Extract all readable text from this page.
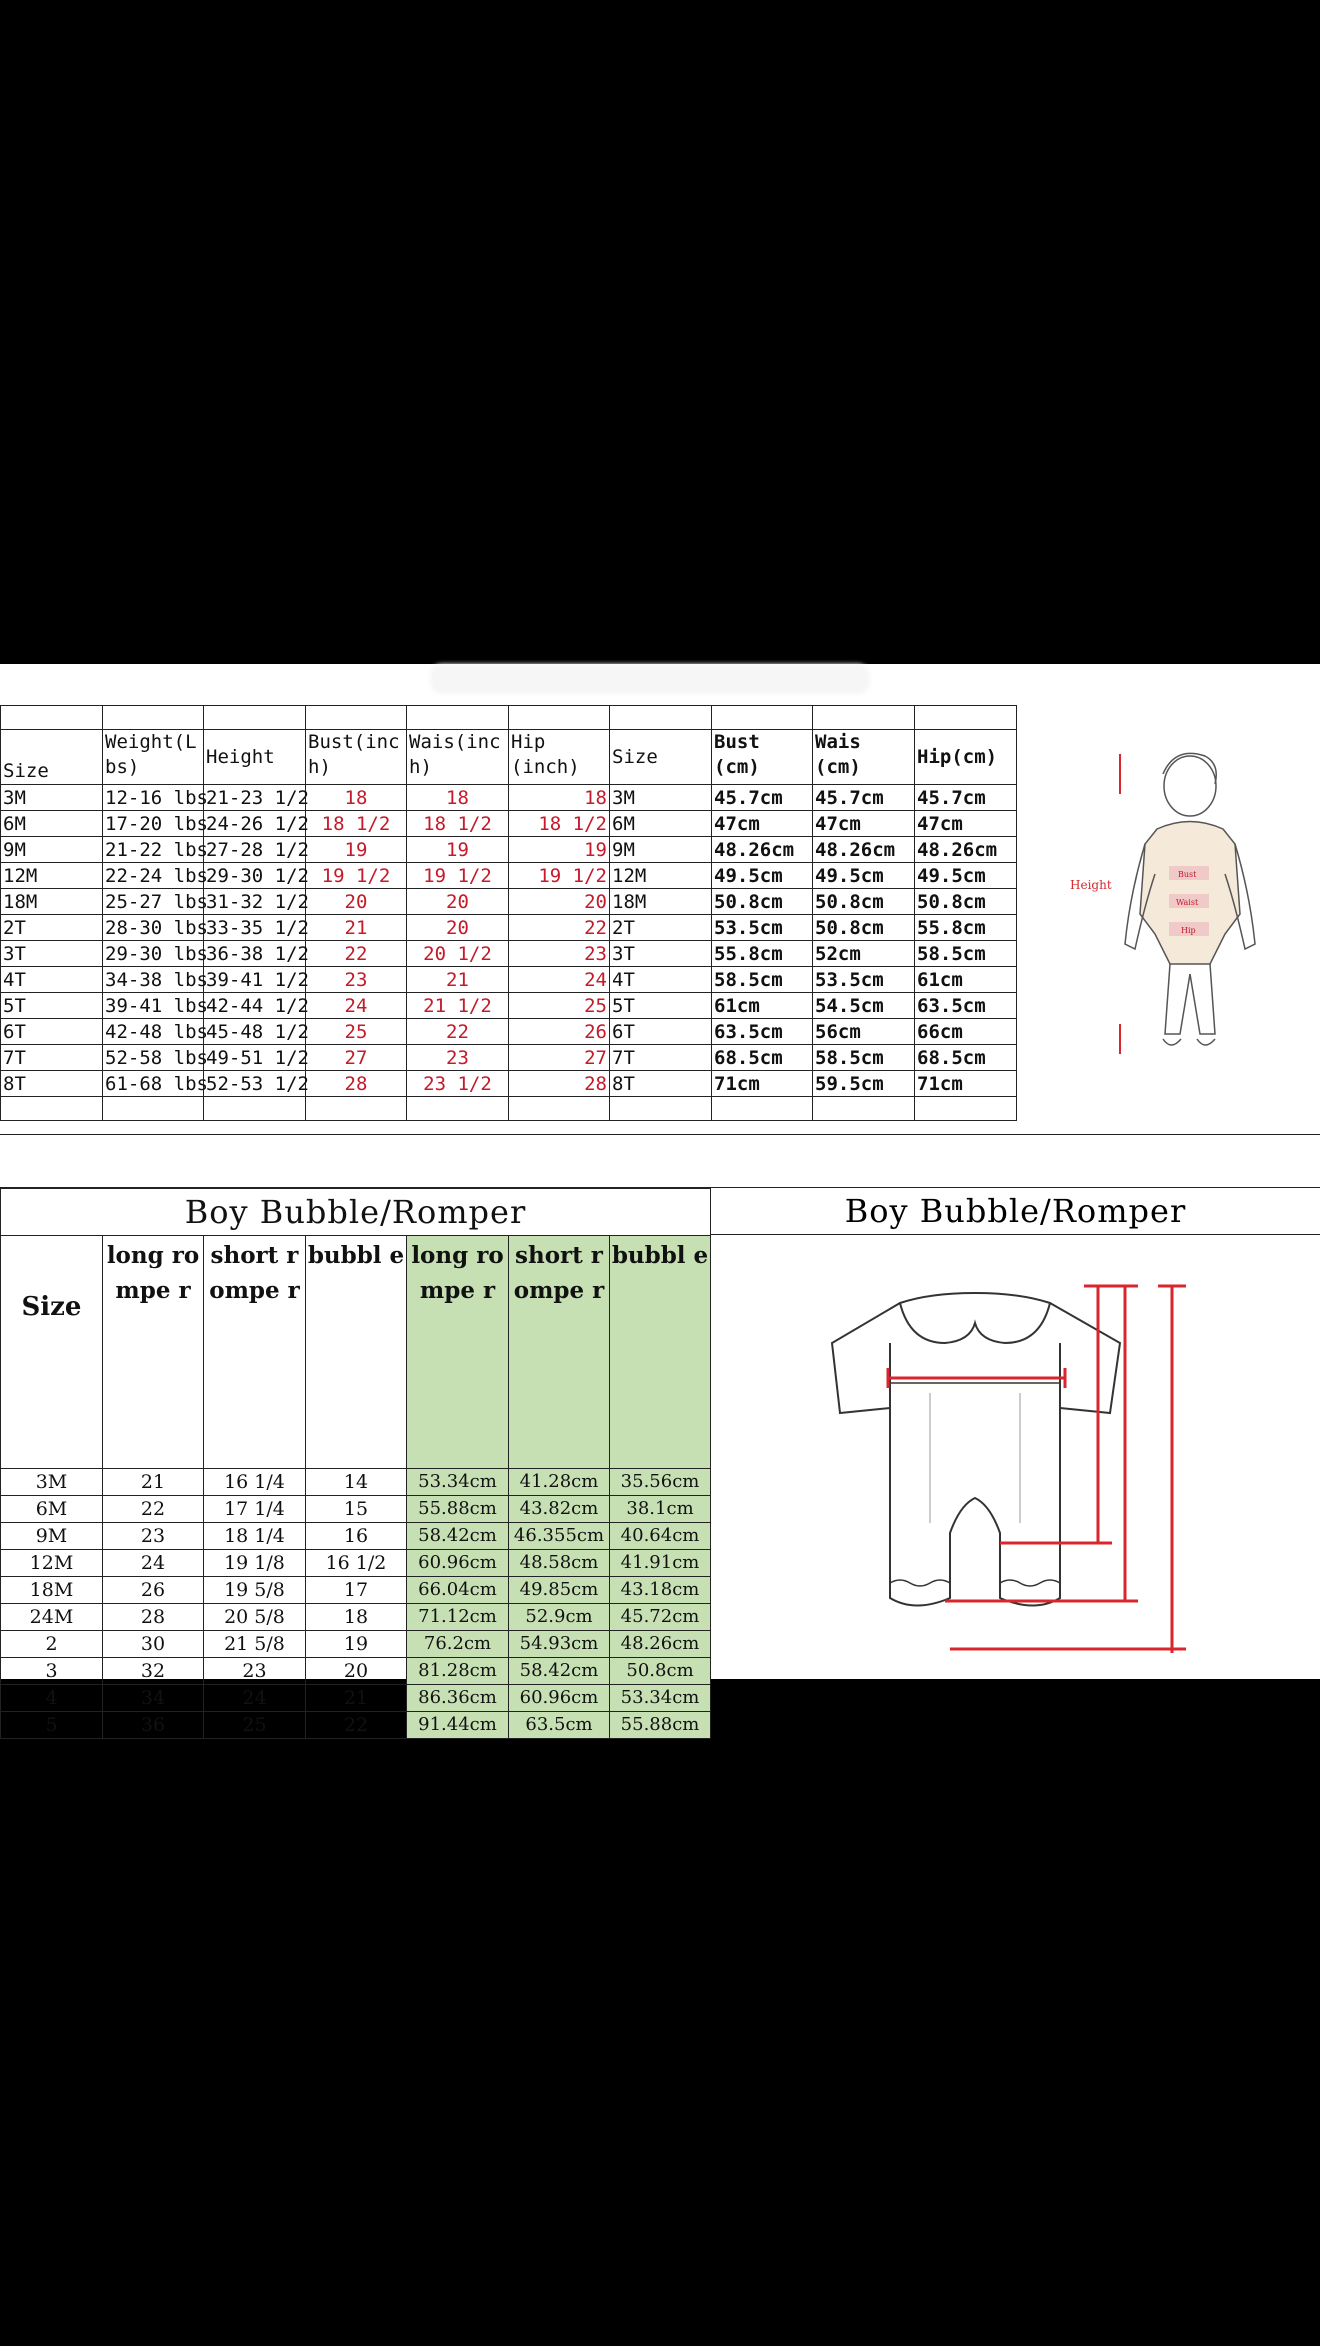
Size	Weight(Lbs)	Height	Bust(inch)	Wais(inch)	Hip (inch)	Size	Bust (cm)	Wais (cm)	Hip(cm)
3M	12-16 lbs	21-23 1/2	18	18	18	3M	45.7cm	45.7cm	45.7cm
6M	17-20 lbs	24-26 1/2	18 1/2	18 1/2	18 1/2	6M	47cm	47cm	47cm
9M	21-22 lbs	27-28 1/2	19	19	19	9M	48.26cm	48.26cm	48.26cm
12M	22-24 lbs	29-30 1/2	19 1/2	19 1/2	19 1/2	12M	49.5cm	49.5cm	49.5cm
18M	25-27 lbs	31-32 1/2	20	20	20	18M	50.8cm	50.8cm	50.8cm
2T	28-30 lbs	33-35 1/2	21	20	22	2T	53.5cm	50.8cm	55.8cm
3T	29-30 lbs	36-38 1/2	22	20 1/2	23	3T	55.8cm	52cm	58.5cm
4T	34-38 lbs	39-41 1/2	23	21	24	4T	58.5cm	53.5cm	61cm
5T	39-41 lbs	42-44 1/2	24	21 1/2	25	5T	61cm	54.5cm	63.5cm
6T	42-48 lbs	45-48 1/2	25	22	26	6T	63.5cm	56cm	66cm
7T	52-58 lbs	49-51 1/2	27	23	27	7T	68.5cm	58.5cm	68.5cm
8T	61-68 lbs	52-53 1/2	28	23 1/2	28	8T	71cm	59.5cm	71cm

Height
Bust
Waist
Hip
Boy Bubble/Romper						
Size	long rompe r	short rompe r	bubbl e	long rompe r	short rompe r	bubbl e
3M	21	16 1/4	14	53.34cm	41.28cm	35.56cm
6M	22	17 1/4	15	55.88cm	43.82cm	38.1cm
9M	23	18 1/4	16	58.42cm	46.355cm	40.64cm
12M	24	19 1/8	16 1/2	60.96cm	48.58cm	41.91cm
18M	26	19 5/8	17	66.04cm	49.85cm	43.18cm
24M	28	20 5/8	18	71.12cm	52.9cm	45.72cm
2	30	21 5/8	19	76.2cm	54.93cm	48.26cm
3	32	23	20	81.28cm	58.42cm	50.8cm
4	34	24	21	86.36cm	60.96cm	53.34cm
5	36	25	22	91.44cm	63.5cm	55.88cm
Boy Bubble/Romper
